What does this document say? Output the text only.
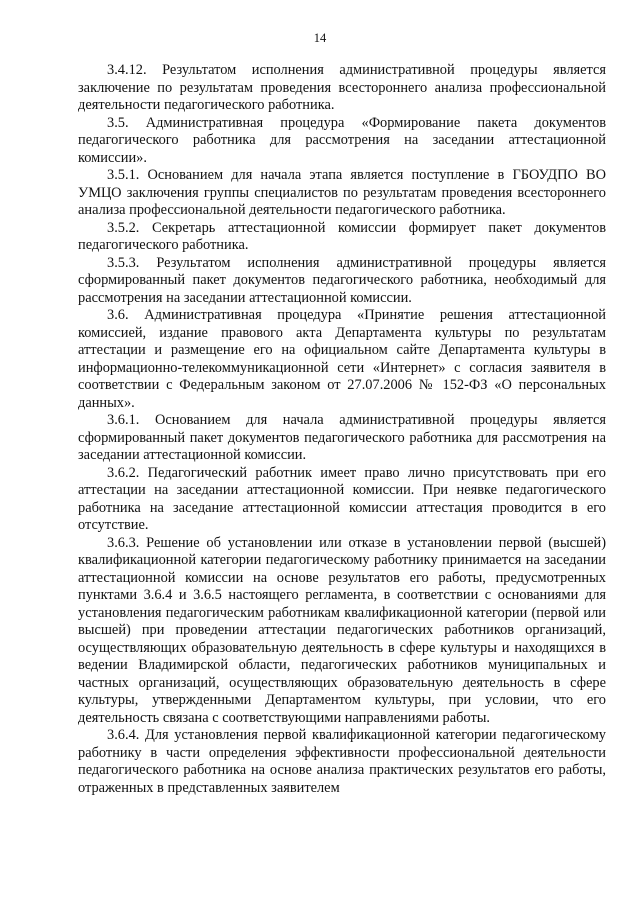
14

3.4.12. Результатом исполнения административной процедуры является заключение по результатам проведения всестороннего анализа профессиональной деятельности педагогического работника.

3.5. Административная процедура «Формирование пакета документов педагогического работника для рассмотрения на заседании аттестационной комиссии».

3.5.1. Основанием для начала этапа является поступление в ГБОУДПО ВО УМЦО заключения группы специалистов по результатам проведения всестороннего анализа профессиональной деятельности педагогического работника.

3.5.2. Секретарь аттестационной комиссии формирует пакет документов педагогического работника.

3.5.3. Результатом исполнения административной процедуры является сформированный пакет документов педагогического работника, необходимый для рассмотрения на заседании аттестационной комиссии.

3.6. Административная процедура «Принятие решения аттестационной комиссией, издание правового акта Департамента культуры по результатам аттестации и размещение его на официальном сайте Департамента культуры в информационно-телекоммуникационной сети «Интернет» с согласия заявителя в соответствии с Федеральным законом от 27.07.2006 № 152-ФЗ «О персональных данных».

3.6.1. Основанием для начала административной процедуры является сформированный пакет документов педагогического работника для рассмотрения на заседании аттестационной комиссии.

3.6.2. Педагогический работник имеет право лично присутствовать при его аттестации на заседании аттестационной комиссии. При неявке педагогического работника на заседание аттестационной комиссии аттестация проводится в его отсутствие.

3.6.3. Решение об установлении или отказе в установлении первой (высшей) квалификационной категории педагогическому работнику принимается на заседании аттестационной комиссии на основе результатов его работы, предусмотренных пунктами 3.6.4 и 3.6.5 настоящего регламента, в соответствии с основаниями для установления педагогическим работникам квалификационной категории (первой или высшей) при проведении аттестации педагогических работников организаций, осуществляющих образовательную деятельность в сфере культуры и находящихся в ведении Владимирской области, педагогических работников муниципальных и частных организаций, осуществляющих образовательную деятельность в сфере культуры, утвержденными Департаментом культуры, при условии, что его деятельность связана с соответствующими направлениями работы.

3.6.4. Для установления первой квалификационной категории педагогическому работнику в части определения эффективности профессиональной деятельности педагогического работника на основе анализа практических результатов его работы, отраженных в представленных заявителем
